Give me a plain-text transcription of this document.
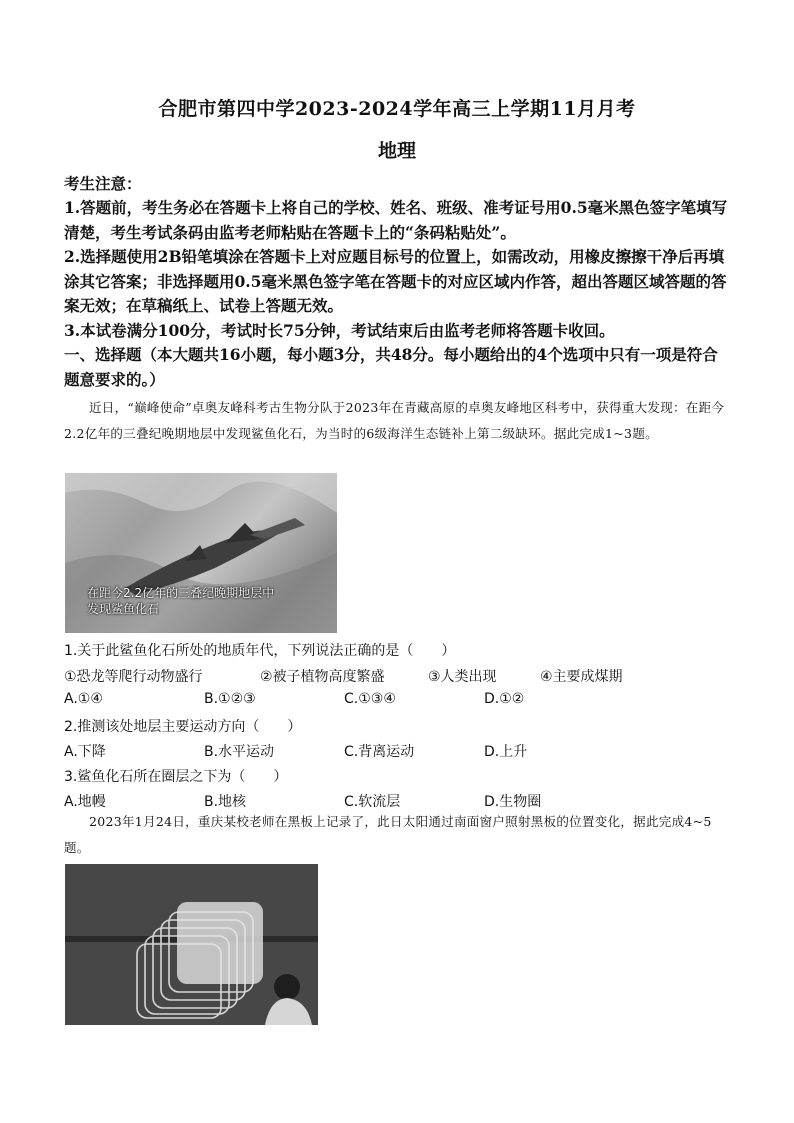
合肥市第四中学2023-2024学年高三上学期11月月考
地理
考生注意：
1.答题前，考生务必在答题卡上将自己的学校、姓名、班级、准考证号用0.5毫米黑色签字笔填写清楚，考生考试条码由监考老师粘贴在答题卡上的“条码粘贴处”。
2.选择题使用2B铅笔填涂在答题卡上对应题目标号的位置上，如需改动，用橡皮擦擦干净后再填涂其它答案；非选择题用0.5毫米黑色签字笔在答题卡的对应区域内作答，超出答题区域答题的答案无效；在草稿纸上、试卷上答题无效。
3.本试卷满分100分，考试时长75分钟，考试结束后由监考老师将答题卡收回。
一、选择题（本大题共16小题，每小题3分，共48分。每小题给出的4个选项中只有一项是符合题意要求的。）
近日，“巅峰使命”卓奥友峰科考古生物分队于2023年在青藏高原的卓奥友峰地区科考中，获得重大发现：在距今2.2亿年的三叠纪晚期地层中发现鲨鱼化石，为当时的6级海洋生态链补上第二级缺环。据此完成1~3题。
在距今2.2亿年的三叠纪晚期地层中
发现鲨鱼化石
1.关于此鲨鱼化石所处的地质年代，下列说法正确的是（　　）
①恐龙等爬行动物盛行	②被子植物高度繁盛	③人类出现	④主要成煤期
A.①④	B.①②③	C.①③④	D.①②
2.推测该处地层主要运动方向（　　）
A.下降	B.水平运动	C.背离运动	D.上升
3.鲨鱼化石所在圈层之下为（　　）
A.地幔	B.地核	C.软流层	D.生物圈
2023年1月24日，重庆某校老师在黑板上记录了，此日太阳通过南面窗户照射黑板的位置变化，据此完成4~5题。
